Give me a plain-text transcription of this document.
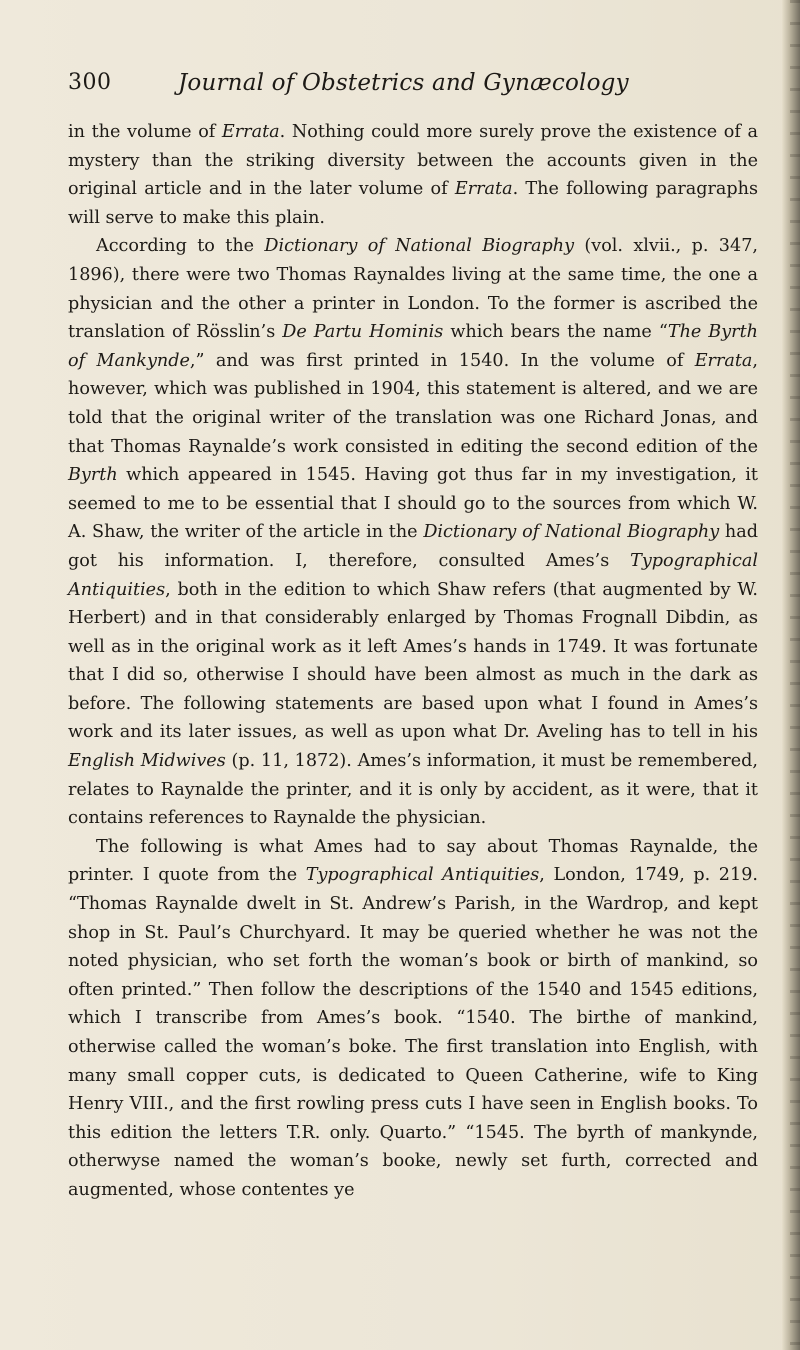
300	Journal of Obstetrics and Gynæcology

in the volume of Errata. Nothing could more surely prove the existence of a mystery than the striking diversity between the accounts given in the original article and in the later volume of Errata. The following paragraphs will serve to make this plain.

According to the Dictionary of National Biography (vol. xlvii., p. 347, 1896), there were two Thomas Raynaldes living at the same time, the one a physician and the other a printer in London. To the former is ascribed the translation of Rösslin’s De Partu Hominis which bears the name “The Byrth of Mankynde,” and was first printed in 1540. In the volume of Errata, however, which was published in 1904, this statement is altered, and we are told that the original writer of the translation was one Richard Jonas, and that Thomas Raynalde’s work consisted in editing the second edition of the Byrth which appeared in 1545. Having got thus far in my investigation, it seemed to me to be essential that I should go to the sources from which W. A. Shaw, the writer of the article in the Dictionary of National Biography had got his information. I, therefore, consulted Ames’s Typographical Antiquities, both in the edition to which Shaw refers (that augmented by W. Herbert) and in that considerably enlarged by Thomas Frognall Dibdin, as well as in the original work as it left Ames’s hands in 1749. It was fortunate that I did so, otherwise I should have been almost as much in the dark as before. The following statements are based upon what I found in Ames’s work and its later issues, as well as upon what Dr. Aveling has to tell in his English Midwives (p. 11, 1872). Ames’s information, it must be remembered, relates to Raynalde the printer, and it is only by accident, as it were, that it contains references to Raynalde the physician.

The following is what Ames had to say about Thomas Raynalde, the printer. I quote from the Typographical Antiquities, London, 1749, p. 219. “Thomas Raynalde dwelt in St. Andrew’s Parish, in the Wardrop, and kept shop in St. Paul’s Churchyard. It may be queried whether he was not the noted physician, who set forth the woman’s book or birth of mankind, so often printed.” Then follow the descriptions of the 1540 and 1545 editions, which I transcribe from Ames’s book. “1540. The birthe of mankind, otherwise called the woman’s boke. The first translation into English, with many small copper cuts, is dedicated to Queen Catherine, wife to King Henry VIII., and the first rowling press cuts I have seen in English books. To this edition the letters T.R. only. Quarto.” “1545. The byrth of mankynde, otherwyse named the woman’s booke, newly set furth, corrected and augmented, whose contentes ye
